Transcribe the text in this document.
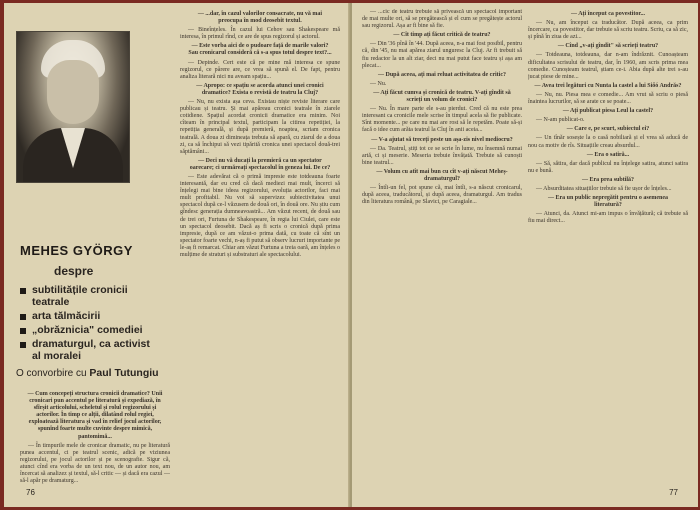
MEHES GYÖRGY
despre
subtilitățile cronicii teatrale
arta tălmăcirii
„obrăzniciа" comediei
dramaturgul, ca activist al moralei
O convorbire cu Paul Tutungiu

— Cum concepeți structura cronicii dramatice? Unii cronicari pun accentul pe literatură și expediază, în sfîrșit articolului, scheletul și rolul regizorului și actorilor. În timp ce alții, dilatând rolul regiei, exploatează literatura și vad în relief jocul actorilor, spunînd foarte multe cuvinte despre mimică, pantomimă...

— În timpurile mele de cronicar dramatic, nu pe literatură punea accentul, ci pe teatrul scenic, adică pe viziunea regizorului, pe jocul actorilor și pe scenografie. Sigur că, atunci cînd era vorba de un text nou, de un autor nou, am încercat să analizez și textul, să-l critic — și dacă era cazul — să-l apăr pe dramaturg...

— ...dar, în cazul valorilor consacrate, nu vă mai preocupa în mod deosebit textul.

— Bineînțeles. În cazul lui Cehov sau Shakespeare mă interesa, în primul rînd, ce are de spus regizorul și actorul.

— Este vorba aici de o pudoare față de marile valori? Sau cronicarul consideră că s-a spus totul despre text?...

— Depinde. Cert este că pe mine mă interesa ce spune regizorul, ce pârere are, ce vrea să spună el. De fapt, pentru analiza literară nici nu aveam spațiu...

— Apropo: ce spațiu se acorda atunci unei cronici dramatice? Exista o revistă de teatru la Cluj?

— Nu, nu exista așa ceva. Existau niște reviste literare care publicau și teatru. Și mai apăreau cronici teatrale în ziarele cotidiene. Spațiul acordat cronicii dramatice era minim. Noi cîteam în principal textul, participam la citirea repetiției, la repetiția generală, și după premieră, noaptea, scriam cronica teatrală. A doua zi dimineața trebuia să apară, cu ziarul de a doua zi, ca să închipui să vezi tipărită cronica unei spectacol două-trei săptămâni...

— Deci nu vă ducați la premieră ca un spectator oarecare; ci urmăreați spectacolul în geneza lui. De ce?

— Este adevărat că o primă impresie este totdeauna foarte interesantă, dar eu cred că dacă mediezi mai mult, încerci să înțelegi mai bine ideea regizorului, evoluția actorilor, faci mai mult profitabil. Nu voi să supervizez subiectivitatea unui spectacol după ce-l văzusem de două ori, în două ore. Nu știu cum gîndesc generația dumneavoastră... Am văzut recent, de două sau de trei ori, Furtuna de Shakespeare, în regia lui Ciulei, care este un spectacol deosebit. Dacă aș fi scris o cronică după prima impresie, după ce am văzut-o prima dată, cu toate că sînt un spectator foarte vechi, n-aș fi putut să observ lucruri importante pe le-aș fi remarcat. Chiar am văzut Furtuna a treia oară, am înțeles o mulțime de straturi și substraturi ale spectacolului.

76

— ...cic de teatru trebuie să privească un spectacol important de mai multe ori, să se pregătească și el cum se pregătește actorul sau regizorul. Așa ar fi bine să fie.

— Cît timp ați făcut critică de teatru?

— Din '36 pînă în '44. După aceea, n-a mai fost posibil, pentru că, din '45, nu mai apărea ziarul unguresc la Cluj. Ar fi trebuit să fiu redactor la un alt ziar, deci nu mai putut face teatru și așa am plecat...

— După aceea, ați mai reluat activitatea de critic?

— Nu.

— Ați făcut cumva și cronică de teatru. V-ați gîndit să scrieți un volum de cronici?

— Nu. În mare parte ele s-au pierdut. Cred că nu este prea interesant ca cronicile mele scrise în timpul acela să fie publicate. Sînt momente... pe care nu mai are rost să le repetăm. Poate să-și facă o idee cum arăta teatrul la Cluj în anii aceia...

— V-a ajutat să treceți peste un așa-zis nivel mediocru?

— Da. Teatrul, știți tot ce se scrie în lume, nu însemnă numai artă, ci și meserie. Meseria trebuie învățată. Trebuie să cunoști bine teatrul...

— Volum cu atît mai bun cu cît v-ați născut Meheș-dramaturgul?

— Întîi-un fel, pot spune că, mai întîi, s-a născut cronicarul, după aceea, traducătorul, și după aceea, dramaturgul. Am tradus din literatura română, pe Slavici, pe Caragiale...

— Ați început ca povestitor...

— Nu, am început ca traducător. După aceea, ca prim încercare, ca povestitor, dar trebuie să scriu teatru. Scriu, ca să zic, și pînă în ziua de azi...

— Cînd „v-ați gîndit" să scrieți teatru?

— Totdeauna, totdeauna, dar n-am îndrăznit. Cunoașteam dificultatea scrisului de teatru, dar, în 1960, am scris prima mea comedie. Cunoșteam teatrul, știam ce-i. Abia după alte trei s-au jucat piese de mine...

— Avea trei legături cu Nunta la castel a lui Siőó Andrăs?

— Nu, nu. Piesa mea e comedie... Am vrut să scriu o piesă înaintea lucrurilor, să se arate ce se poate...

— Ați publicat piesa Leul la castel?

— N-am publicat-o.

— Care e, pe scurt, subiectul ei?

— Un tînăr sosește la o casă nobiliară și el vrea să aducă de nou ca motiv de rîs. Situațiile creau absurdul...

— Era o satiră...

— Să, sătira, dar dacă publicul nu înțelege satira, atunci satira nu e bună.

— Era prea subtilă?

— Absurditatea situațiilor trebuie să fie ușor de înțeles...

— Era un public nepregătit pentru o asemenea literatură?

— Atunci, da. Atunci mi-am impus o învățătură; că trebuie să fiu mai direct...

77
